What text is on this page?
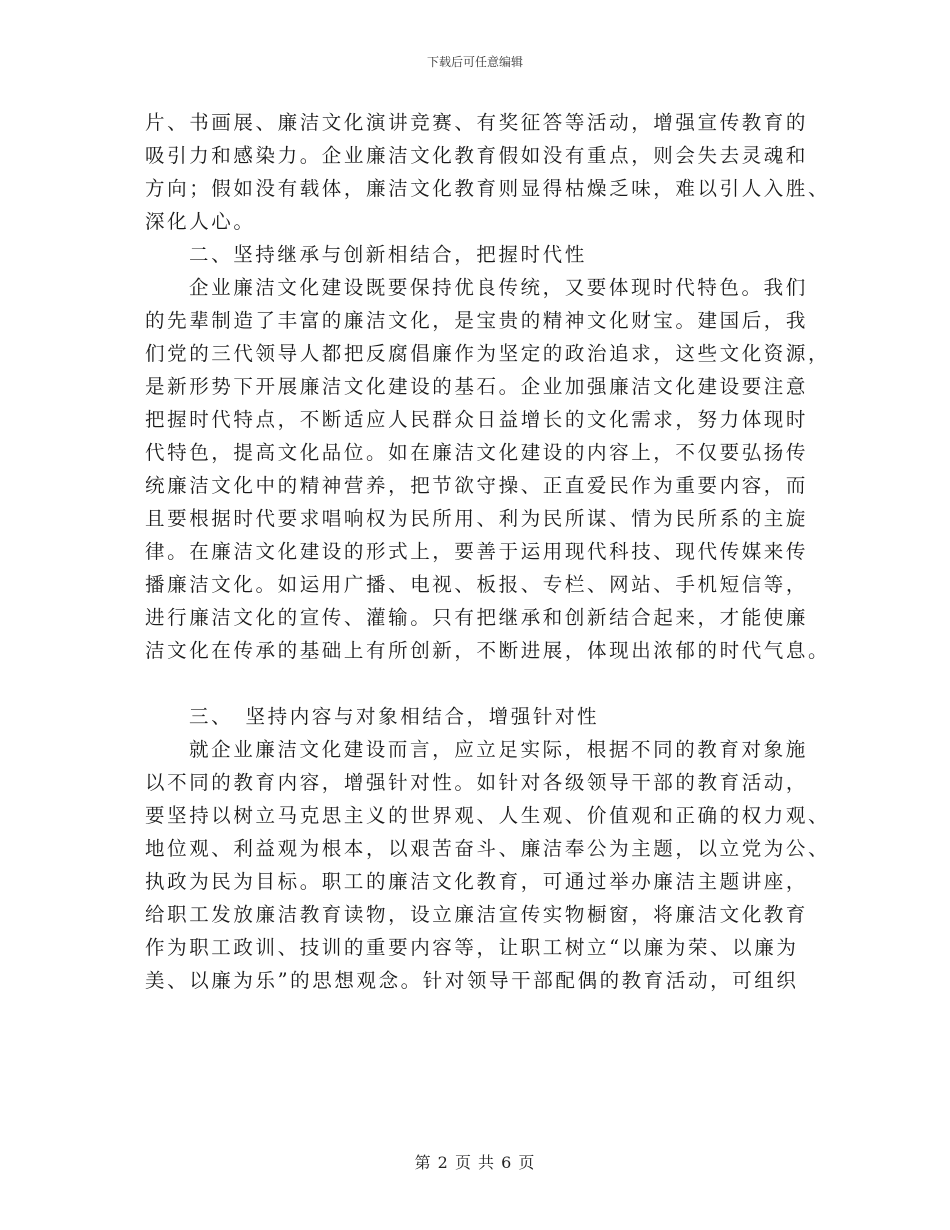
下载后可任意编辑
片、书画展、廉洁文化演讲竞赛、有奖征答等活动，增强宣传教育的
吸引力和感染力。企业廉洁文化教育假如没有重点，则会失去灵魂和
方向；假如没有载体，廉洁文化教育则显得枯燥乏味，难以引人入胜、
深化人心。
二、坚持继承与创新相结合，把握时代性
企业廉洁文化建设既要保持优良传统，又要体现时代特色。我们
的先辈制造了丰富的廉洁文化，是宝贵的精神文化财宝。建国后，我
们党的三代领导人都把反腐倡廉作为坚定的政治追求，这些文化资源，
是新形势下开展廉洁文化建设的基石。企业加强廉洁文化建设要注意
把握时代特点，不断适应人民群众日益增长的文化需求，努力体现时
代特色，提高文化品位。如在廉洁文化建设的内容上，不仅要弘扬传
统廉洁文化中的精神营养，把节欲守操、正直爱民作为重要内容，而
且要根据时代要求唱响权为民所用、利为民所谋、情为民所系的主旋
律。在廉洁文化建设的形式上，要善于运用现代科技、现代传媒来传
播廉洁文化。如运用广播、电视、板报、专栏、网站、手机短信等，
进行廉洁文化的宣传、灌输。只有把继承和创新结合起来，才能使廉
洁文化在传承的基础上有所创新，不断进展，体现出浓郁的时代气息。
三、　坚持内容与对象相结合，增强针对性
就企业廉洁文化建设而言，应立足实际，根据不同的教育对象施
以不同的教育内容，增强针对性。如针对各级领导干部的教育活动，
要坚持以树立马克思主义的世界观、人生观、价值观和正确的权力观、
地位观、利益观为根本，以艰苦奋斗、廉洁奉公为主题，以立党为公、
执政为民为目标。职工的廉洁文化教育，可通过举办廉洁主题讲座，
给职工发放廉洁教育读物，设立廉洁宣传实物橱窗，将廉洁文化教育
作为职工政训、技训的重要内容等，让职工树立“以廉为荣、以廉为
美、以廉为乐”的思想观念。针对领导干部配偶的教育活动，可组织
第 2 页 共 6 页
